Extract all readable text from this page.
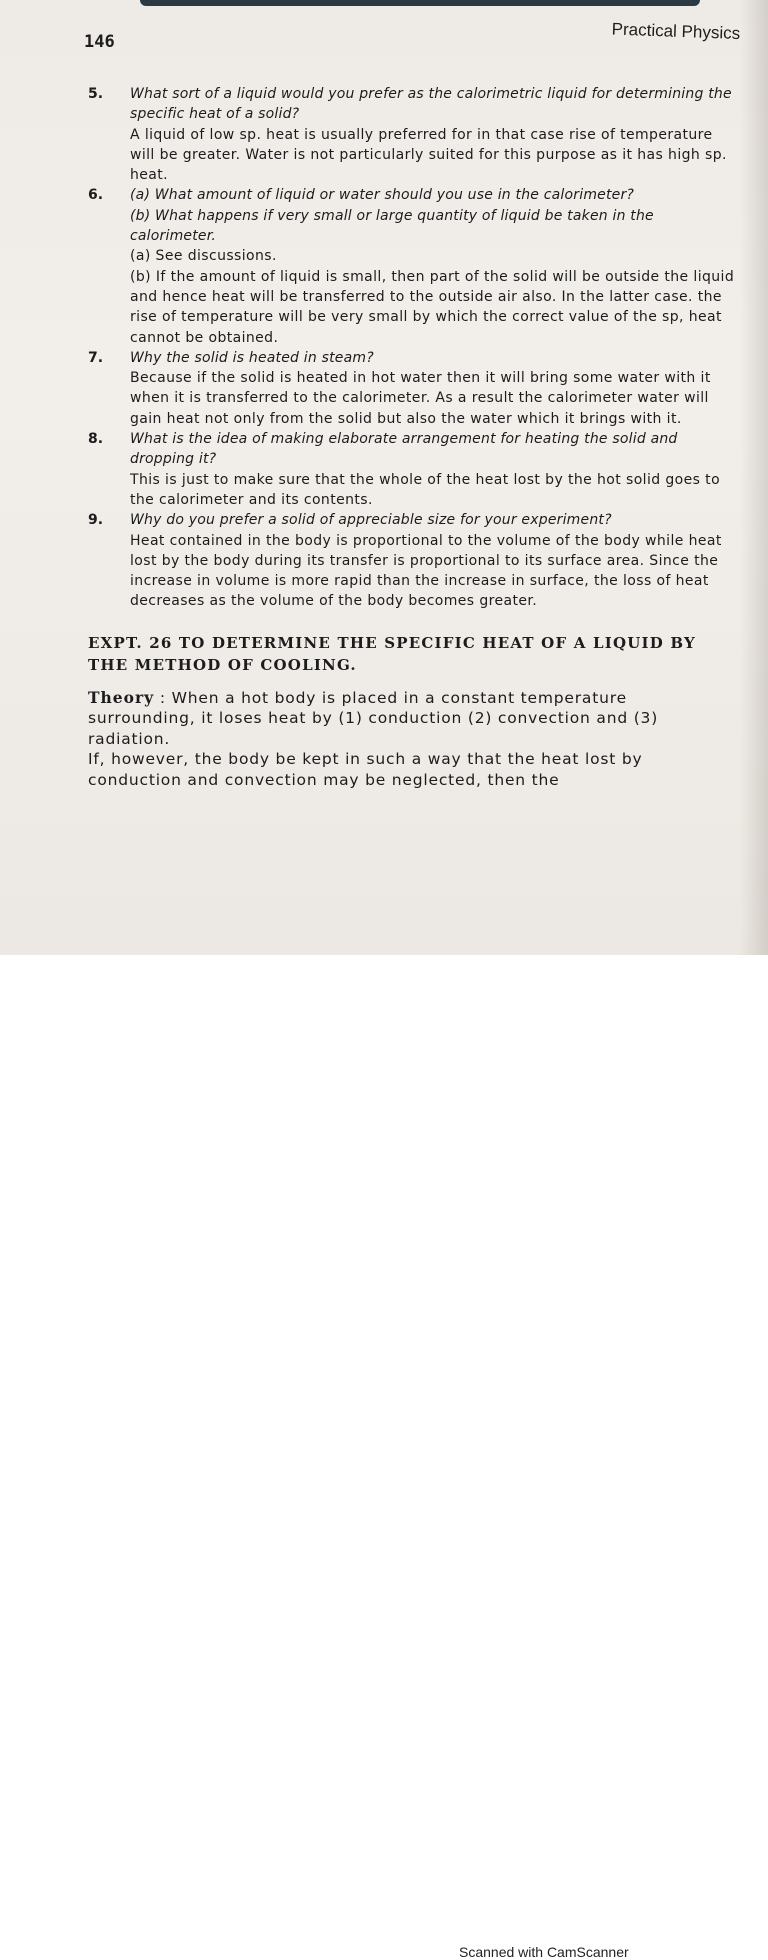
146	Practical Physics
5. What sort of a liquid would you prefer as the calorimetric liquid for determining the specific heat of a solid?
A liquid of low sp. heat is usually preferred for in that case rise of temperature will be greater. Water is not particularly suited for this purpose as it has high sp. heat.
6. (a) What amount of liquid or water should you use in the calorimeter?
(b) What happens if very small or large quantity of liquid be taken in the calorimeter.
(a) See discussions.
(b) If the amount of liquid is small, then part of the solid will be outside the liquid and hence heat will be transferred to the outside air also. In the latter case. the rise of temperature will be very small by which the correct value of the sp, heat cannot be obtained.
7. Why the solid is heated in steam?
Because if the solid is heated in hot water then it will bring some water with it when it is transferred to the calorimeter. As a result the calorimeter water will gain heat not only from the solid but also the water which it brings with it.
8. What is the idea of making elaborate arrangement for heating the solid and dropping it?
This is just to make sure that the whole of the heat lost by the hot solid goes to the calorimeter and its contents.
9. Why do you prefer a solid of appreciable size for your experiment?
Heat contained in the body is proportional to the volume of the body while heat lost by the body during its transfer is proportional to its surface area. Since the increase in volume is more rapid than the increase in surface, the loss of heat decreases as the volume of the body becomes greater.
EXPT. 26 TO DETERMINE THE SPECIFIC HEAT OF A LIQUID BY THE METHOD OF COOLING.
Theory : When a hot body is placed in a constant temperature surrounding, it loses heat by (1) conduction (2) convection and (3) radiation.
If, however, the body be kept in such a way that the heat lost by conduction and convection may be neglected, then the
Scanned with CamScanner
